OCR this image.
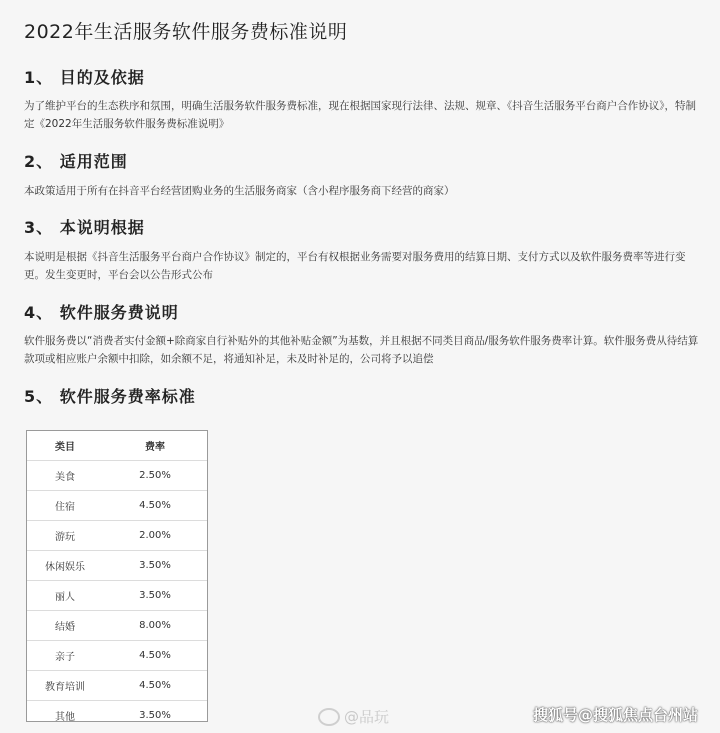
2022年生活服务软件服务费标准说明
1、 目的及依据
为了维护平台的生态秩序和氛围，明确生活服务软件服务费标准，现在根据国家现行法律、法规、规章、《抖音生活服务平台商户合作协议》，特制定《2022年生活服务软件服务费标准说明》
2、 适用范围
本政策适用于所有在抖音平台经营团购业务的生活服务商家（含小程序服务商下经营的商家）
3、 本说明根据
本说明是根据《抖音生活服务平台商户合作协议》制定的，平台有权根据业务需要对服务费用的结算日期、支付方式以及软件服务费率等进行变更。发生变更时，平台会以公告形式公布
4、 软件服务费说明
软件服务费以“消费者实付金额+除商家自行补贴外的其他补贴金额”为基数，并且根据不同类目商品/服务软件服务费率计算。软件服务费从待结算款项或相应账户余额中扣除，如余额不足，将通知补足，未及时补足的，公司将予以追偿
5、 软件服务费率标准
类目	费率
美食	2.50%
住宿	4.50%
游玩	2.00%
休闲娱乐	3.50%
丽人	3.50%
结婚	8.00%
亲子	4.50%
教育培训	4.50%
其他	3.50%	@品玩	搜狐号@搜狐焦点台州站
